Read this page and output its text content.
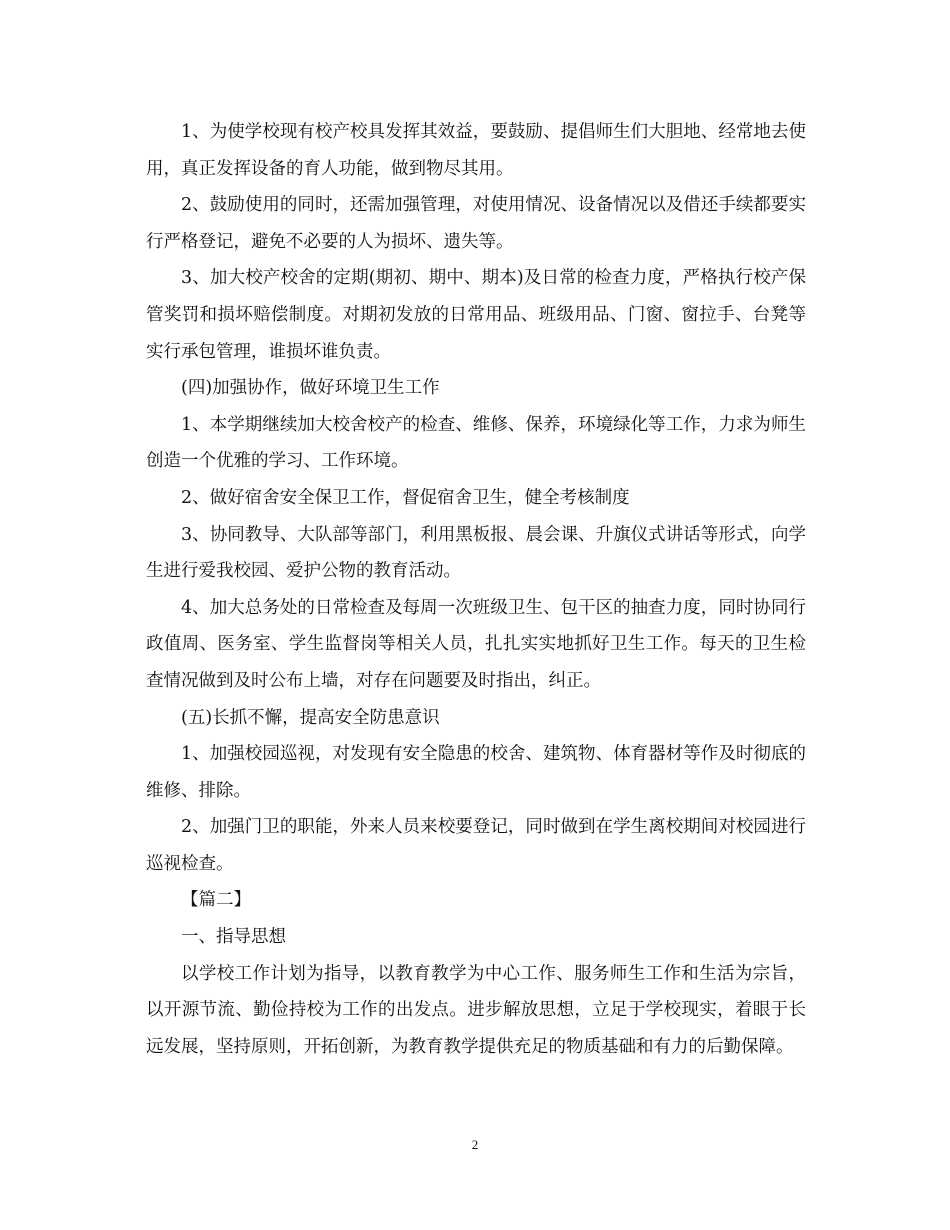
1、为使学校现有校产校具发挥其效益，要鼓励、提倡师生们大胆地、经常地去使用，真正发挥设备的育人功能，做到物尽其用。

2、鼓励使用的同时，还需加强管理，对使用情况、设备情况以及借还手续都要实行严格登记，避免不必要的人为损坏、遗失等。

3、加大校产校舍的定期(期初、期中、期本)及日常的检查力度，严格执行校产保管奖罚和损坏赔偿制度。对期初发放的日常用品、班级用品、门窗、窗拉手、台凳等实行承包管理，谁损坏谁负责。

(四)加强协作，做好环境卫生工作

1、本学期继续加大校舍校产的检查、维修、保养，环境绿化等工作，力求为师生创造一个优雅的学习、工作环境。

2、做好宿舍安全保卫工作，督促宿舍卫生，健全考核制度

3、协同教导、大队部等部门，利用黑板报、晨会课、升旗仪式讲话等形式，向学生进行爱我校园、爱护公物的教育活动。

4、加大总务处的日常检查及每周一次班级卫生、包干区的抽查力度，同时协同行政值周、医务室、学生监督岗等相关人员，扎扎实实地抓好卫生工作。每天的卫生检查情况做到及时公布上墙，对存在问题要及时指出，纠正。

(五)长抓不懈，提高安全防患意识

1、加强校园巡视，对发现有安全隐患的校舍、建筑物、体育器材等作及时彻底的维修、排除。

2、加强门卫的职能，外来人员来校要登记，同时做到在学生离校期间对校园进行巡视检查。

【篇二】

一、指导思想

以学校工作计划为指导，以教育教学为中心工作、服务师生工作和生活为宗旨，以开源节流、勤俭持校为工作的出发点。进步解放思想，立足于学校现实，着眼于长远发展，坚持原则，开拓创新，为教育教学提供充足的物质基础和有力的后勤保障。

2
